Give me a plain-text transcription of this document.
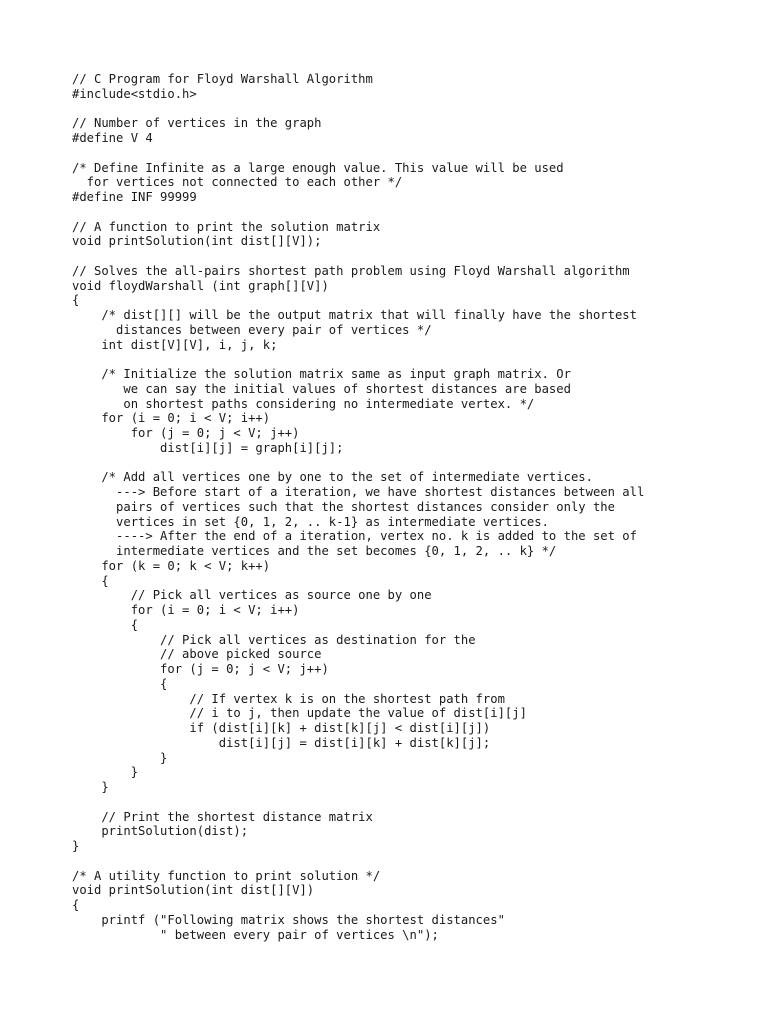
// C Program for Floyd Warshall Algorithm
#include<stdio.h>
// Number of vertices in the graph
#define V 4
/* Define Infinite as a large enough value. This value will be used
for vertices not connected to each other */
#define INF 99999
// A function to print the solution matrix
void printSolution(int dist[][V]);
// Solves the all-pairs shortest path problem using Floyd Warshall algorithm
void floydWarshall (int graph[][V])
{
/* dist[][] will be the output matrix that will finally have the shortest
distances between every pair of vertices */
int dist[V][V], i, j, k;
/* Initialize the solution matrix same as input graph matrix. Or
we can say the initial values of shortest distances are based
on shortest paths considering no intermediate vertex. */
for (i = 0; i < V; i++)
for (j = 0; j < V; j++)
dist[i][j] = graph[i][j];
/* Add all vertices one by one to the set of intermediate vertices.
---> Before start of a iteration, we have shortest distances between all
pairs of vertices such that the shortest distances consider only the
vertices in set {0, 1, 2, .. k-1} as intermediate vertices.
----> After the end of a iteration, vertex no. k is added to the set of
intermediate vertices and the set becomes {0, 1, 2, .. k} */
for (k = 0; k < V; k++)
{
// Pick all vertices as source one by one
for (i = 0; i < V; i++)
{
// Pick all vertices as destination for the
// above picked source
for (j = 0; j < V; j++)
{
// If vertex k is on the shortest path from
// i to j, then update the value of dist[i][j]
if (dist[i][k] + dist[k][j] < dist[i][j])
dist[i][j] = dist[i][k] + dist[k][j];
}
}
}
// Print the shortest distance matrix
printSolution(dist);
}
/* A utility function to print solution */
void printSolution(int dist[][V])
{
printf ("Following matrix shows the shortest distances"
" between every pair of vertices \n");
